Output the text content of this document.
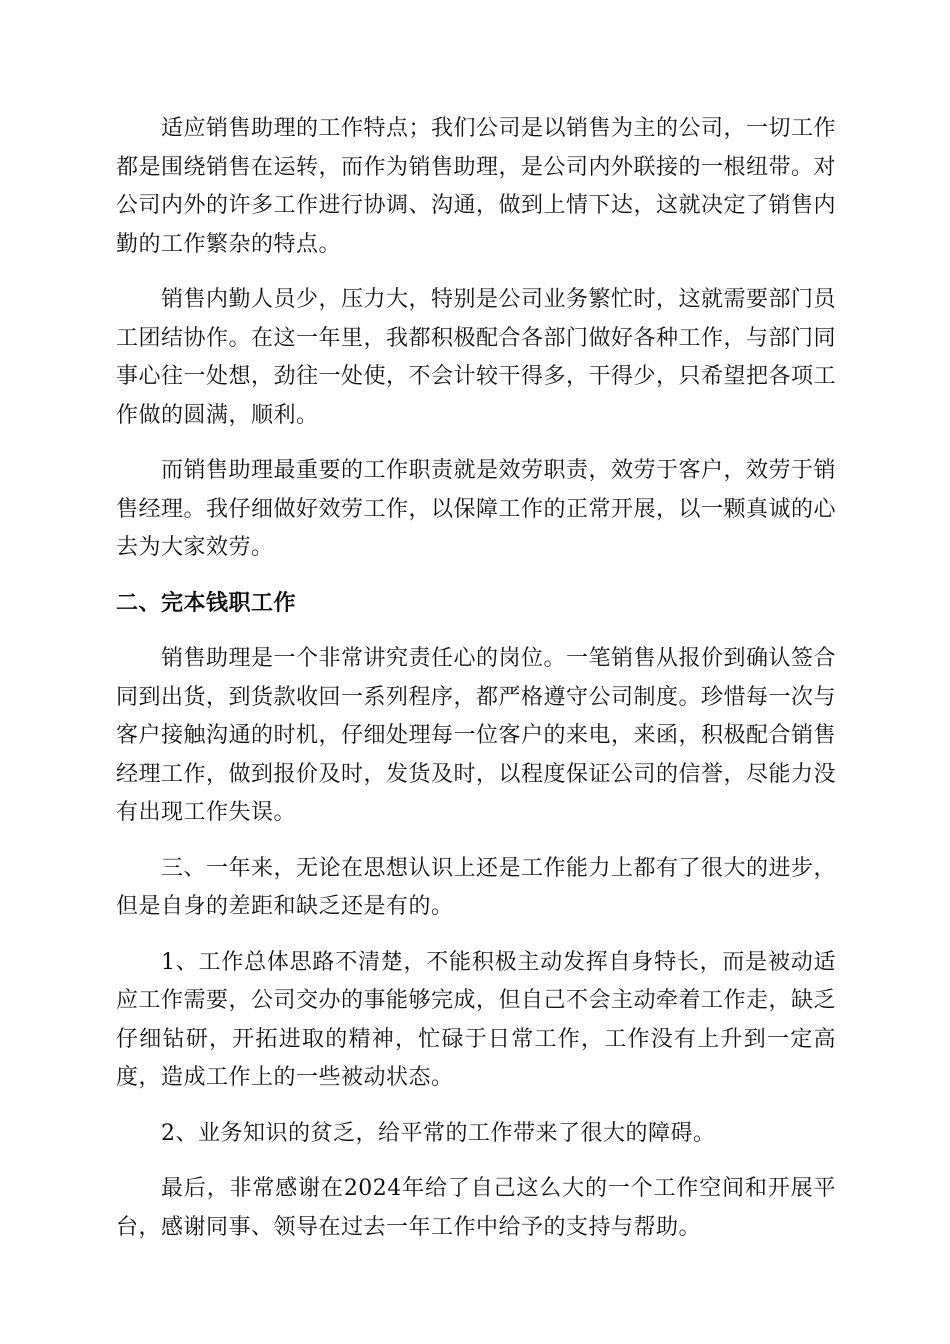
适应销售助理的工作特点；我们公司是以销售为主的公司，一切工作都是围绕销售在运转，而作为销售助理，是公司内外联接的一根纽带。对公司内外的许多工作进行协调、沟通，做到上情下达，这就决定了销售内勤的工作繁杂的特点。

销售内勤人员少，压力大，特别是公司业务繁忙时，这就需要部门员工团结协作。在这一年里，我都积极配合各部门做好各种工作，与部门同事心往一处想，劲往一处使，不会计较干得多，干得少，只希望把各项工作做的圆满，顺利。

而销售助理最重要的工作职责就是效劳职责，效劳于客户，效劳于销售经理。我仔细做好效劳工作，以保障工作的正常开展，以一颗真诚的心去为大家效劳。

二、完本钱职工作

销售助理是一个非常讲究责任心的岗位。一笔销售从报价到确认签合同到出货，到货款收回一系列程序，都严格遵守公司制度。珍惜每一次与客户接触沟通的时机，仔细处理每一位客户的来电，来函，积极配合销售经理工作，做到报价及时，发货及时，以程度保证公司的信誉，尽能力没有出现工作失误。

三、一年来，无论在思想认识上还是工作能力上都有了很大的进步，但是自身的差距和缺乏还是有的。

1、工作总体思路不清楚，不能积极主动发挥自身特长，而是被动适应工作需要，公司交办的事能够完成，但自己不会主动牵着工作走，缺乏仔细钻研，开拓进取的精神，忙碌于日常工作，工作没有上升到一定高度，造成工作上的一些被动状态。

2、业务知识的贫乏，给平常的工作带来了很大的障碍。

最后，非常感谢在2024年给了自己这么大的一个工作空间和开展平台，感谢同事、领导在过去一年工作中给予的支持与帮助。
